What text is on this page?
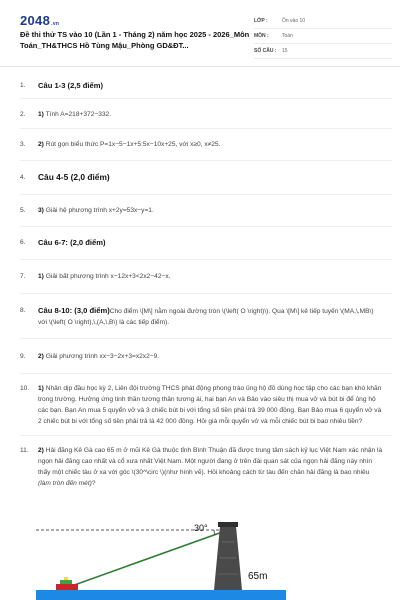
2048.vn
Đề thi thử TS vào 10 (Lần 1 - Tháng 2) năm học 2025 - 2026_Môn Toán_TH&THCS Hồ Tùng Mậu_Phòng GD&ĐT...
LỚP :	Ôn vào 10
MÔN :	Toán
SỐ CÂU :	15
1.	Câu 1-3 (2,5 điểm)
2.	1) Tính A=218+372−332.
3.	2) Rút gọn biểu thức P=1x−5−1x+5:5x−10x+25, với x≥0, x≠25.
4.	Câu 4-5 (2,0 điểm)
5.	3) Giải hệ phương trình x+2y=53x−y=1.
6.	Câu 6-7: (2,0 điểm)
7.	1) Giải bất phương trình x−12x+3<2x2−42−x.
8.	Câu 8-10: (3,0 điểm)Cho điểm \[M\] nằm ngoài đường tròn \(\left( O \right)\). Qua \[M\] kẻ tiếp tuyến \(MA,\,MB\) với \(\left( O \right),\,(A,\,B\) là các tiếp điểm).
9.	2) Giải phương trình xx−3−2x+3=x2x2−9.
10.	1) Nhân dịp đầu học kỳ 2, Liên đội trường THCS phát động phong trào ủng hộ đồ dùng học tập cho các bạn khó khăn trong trường. Hưởng ứng tinh thần tương thân tương ái, hai bạn An và Bảo vào siêu thị mua vở và bút bi để ủng hộ các bạn. Bạn An mua 5 quyển vở và 3 chiếc bút bi với tổng số tiền phải trả 39 000 đồng. Bạn Bảo mua 6 quyển vở và 2 chiếc bút bi với tổng số tiền phải trả là 42 000 đồng. Hỏi giá mỗi quyển vở và mỗi chiếc bút bi bao nhiêu tiền?
11.	2) Hải đăng Kê Gà cao 65 m ở mũi Kê Gà thuộc tỉnh Bình Thuận đã được trung tâm sách kỷ lục Việt Nam xác nhận là ngọn hải đăng cao nhất và cổ xưa nhất Việt Nam. Một người đang ở trên đài quan sát của ngọn hải đăng này nhìn thấy một chiếc tàu ở xa với góc \(30^\circ \)(như hình vẽ). Hỏi khoảng cách từ tàu đến chân hải đăng là bao nhiêu (làm tròn đến mét)?
30°
65m
